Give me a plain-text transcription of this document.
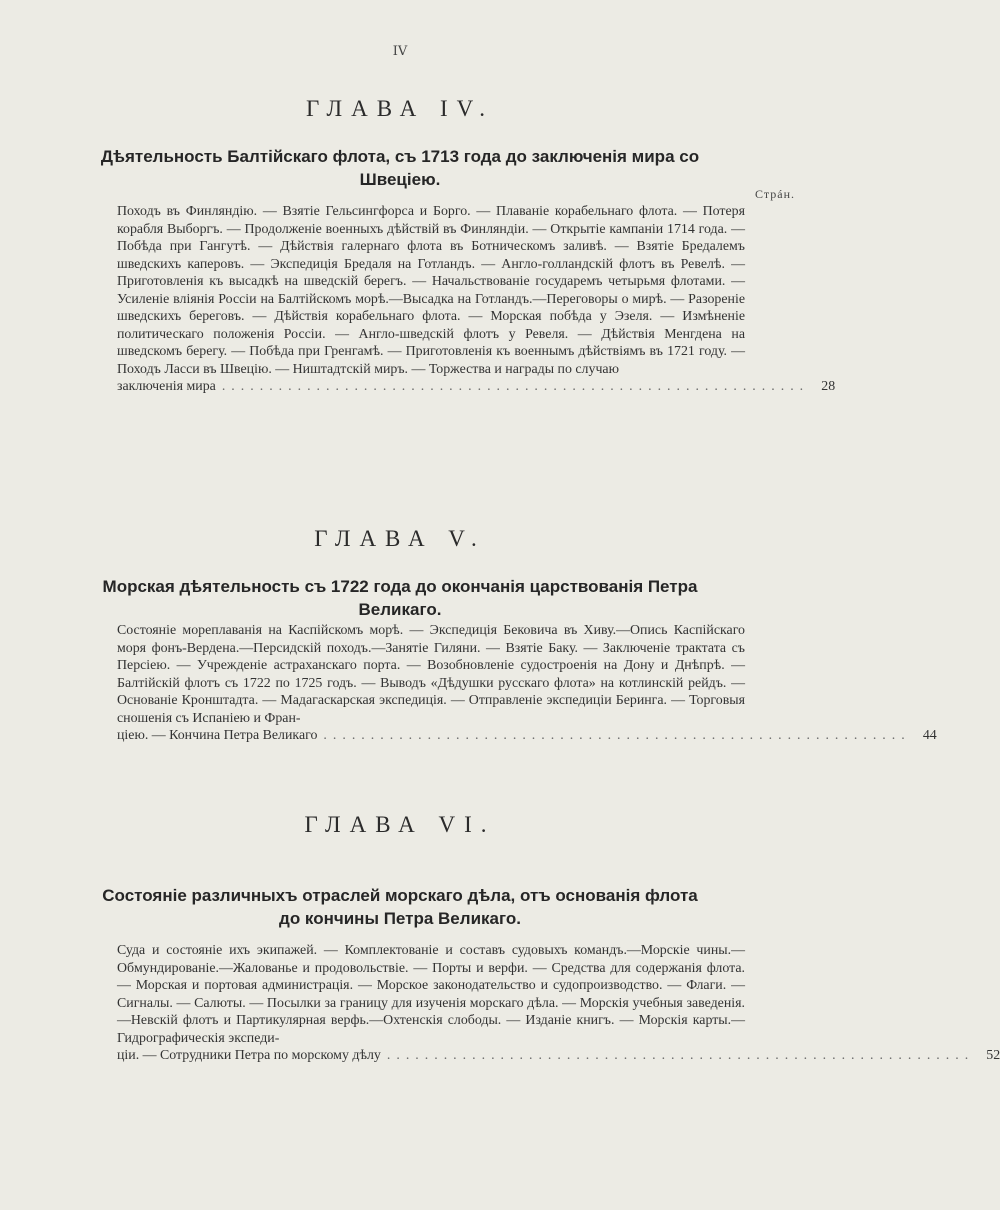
IV
ГЛАВА IV.
Дѣятельность Балтійскаго флота, съ 1713 года до заключенія мира со Швеціею.
Стрáн.
Походъ въ Финляндію. — Взятіе Гельсингфорса и Борго. — Плаваніе корабельнаго флота. — Потеря корабля Выборгъ. — Продолженіе военныхъ дѣйствій въ Финляндіи. — Открытіе кампаніи 1714 года. — Побѣда при Гангутѣ. — Дѣйствія галернаго флота въ Ботническомъ заливѣ. — Взятіе Бредалемъ шведскихъ каперовъ. — Экспедиція Бредаля на Готландъ. — Англо-голландскій флотъ въ Ревелѣ. — Приготовленія къ высадкѣ на шведскій берегъ. — Начальствованіе государемъ четырьмя флотами. — Усиленіе вліянія Россіи на Балтійскомъ морѣ.—Высадка на Готландъ.—Переговоры о мирѣ. — Разореніе шведскихъ береговъ. — Дѣйствія корабельнаго флота. — Морская побѣда у Эзеля. — Измѣненіе политическаго положенія Россіи. — Англо-шведскій флотъ у Ревеля. — Дѣйствія Менгдена на шведскомъ берегу. — Побѣда при Гренгамѣ. — Приготовленія къ военнымъ дѣйствіямъ въ 1721 году. — Походъ Ласси въ Швецію. — Ништадтскій миръ. — Торжества и награды по случаю
заключенія мира .............................................................. 28
ГЛАВА V.
Морская дѣятельность съ 1722 года до окончанія царствованія Петра Великаго.
Состояніе мореплаванія на Каспійскомъ морѣ. — Экспедиція Бековича въ Хиву.—Опись Каспійскаго моря фонъ-Вердена.—Персидскій походъ.—Занятіе Гиляни. — Взятіе Баку. — Заключеніе трактата съ Персіею. — Учрежденіе астраханскаго порта. — Возобновленіе судостроенія на Дону и Днѣпрѣ. — Балтійскій флотъ съ 1722 по 1725 годъ. — Выводъ «Дѣдушки русскаго флота» на котлинскій рейдъ. — Основаніе Кронштадта. — Мадагаскарская экспедиція. — Отправленіе экспедиціи Беринга. — Торговыя сношенія съ Испаніею и Фран-
ціею. — Кончина Петра Великаго .............................................................. 44
ГЛАВА VI.
Состояніе различныхъ отраслей морскаго дѣла, отъ основанія флота до кончины Петра Великаго.
Суда и состояніе ихъ экипажей. — Комплектованіе и составъ судовыхъ командъ.—Морскіе чины.—Обмундированіе.—Жалованье и продовольствіе. — Порты и верфи. — Средства для содержанія флота. — Морская и портовая администрація. — Морское законодательство и судопроизводство. — Флаги. — Сигналы. — Салюты. — Посылки за границу для изученія морскаго дѣла. — Морскія учебныя заведенія.—Невскій флотъ и Партикулярная верфь.—Охтенскія слободы. — Изданіе книгъ. — Морскія карты.—Гидрографическія экспеди-
ціи. — Сотрудники Петра по морскому дѣлу .............................................................. 52
